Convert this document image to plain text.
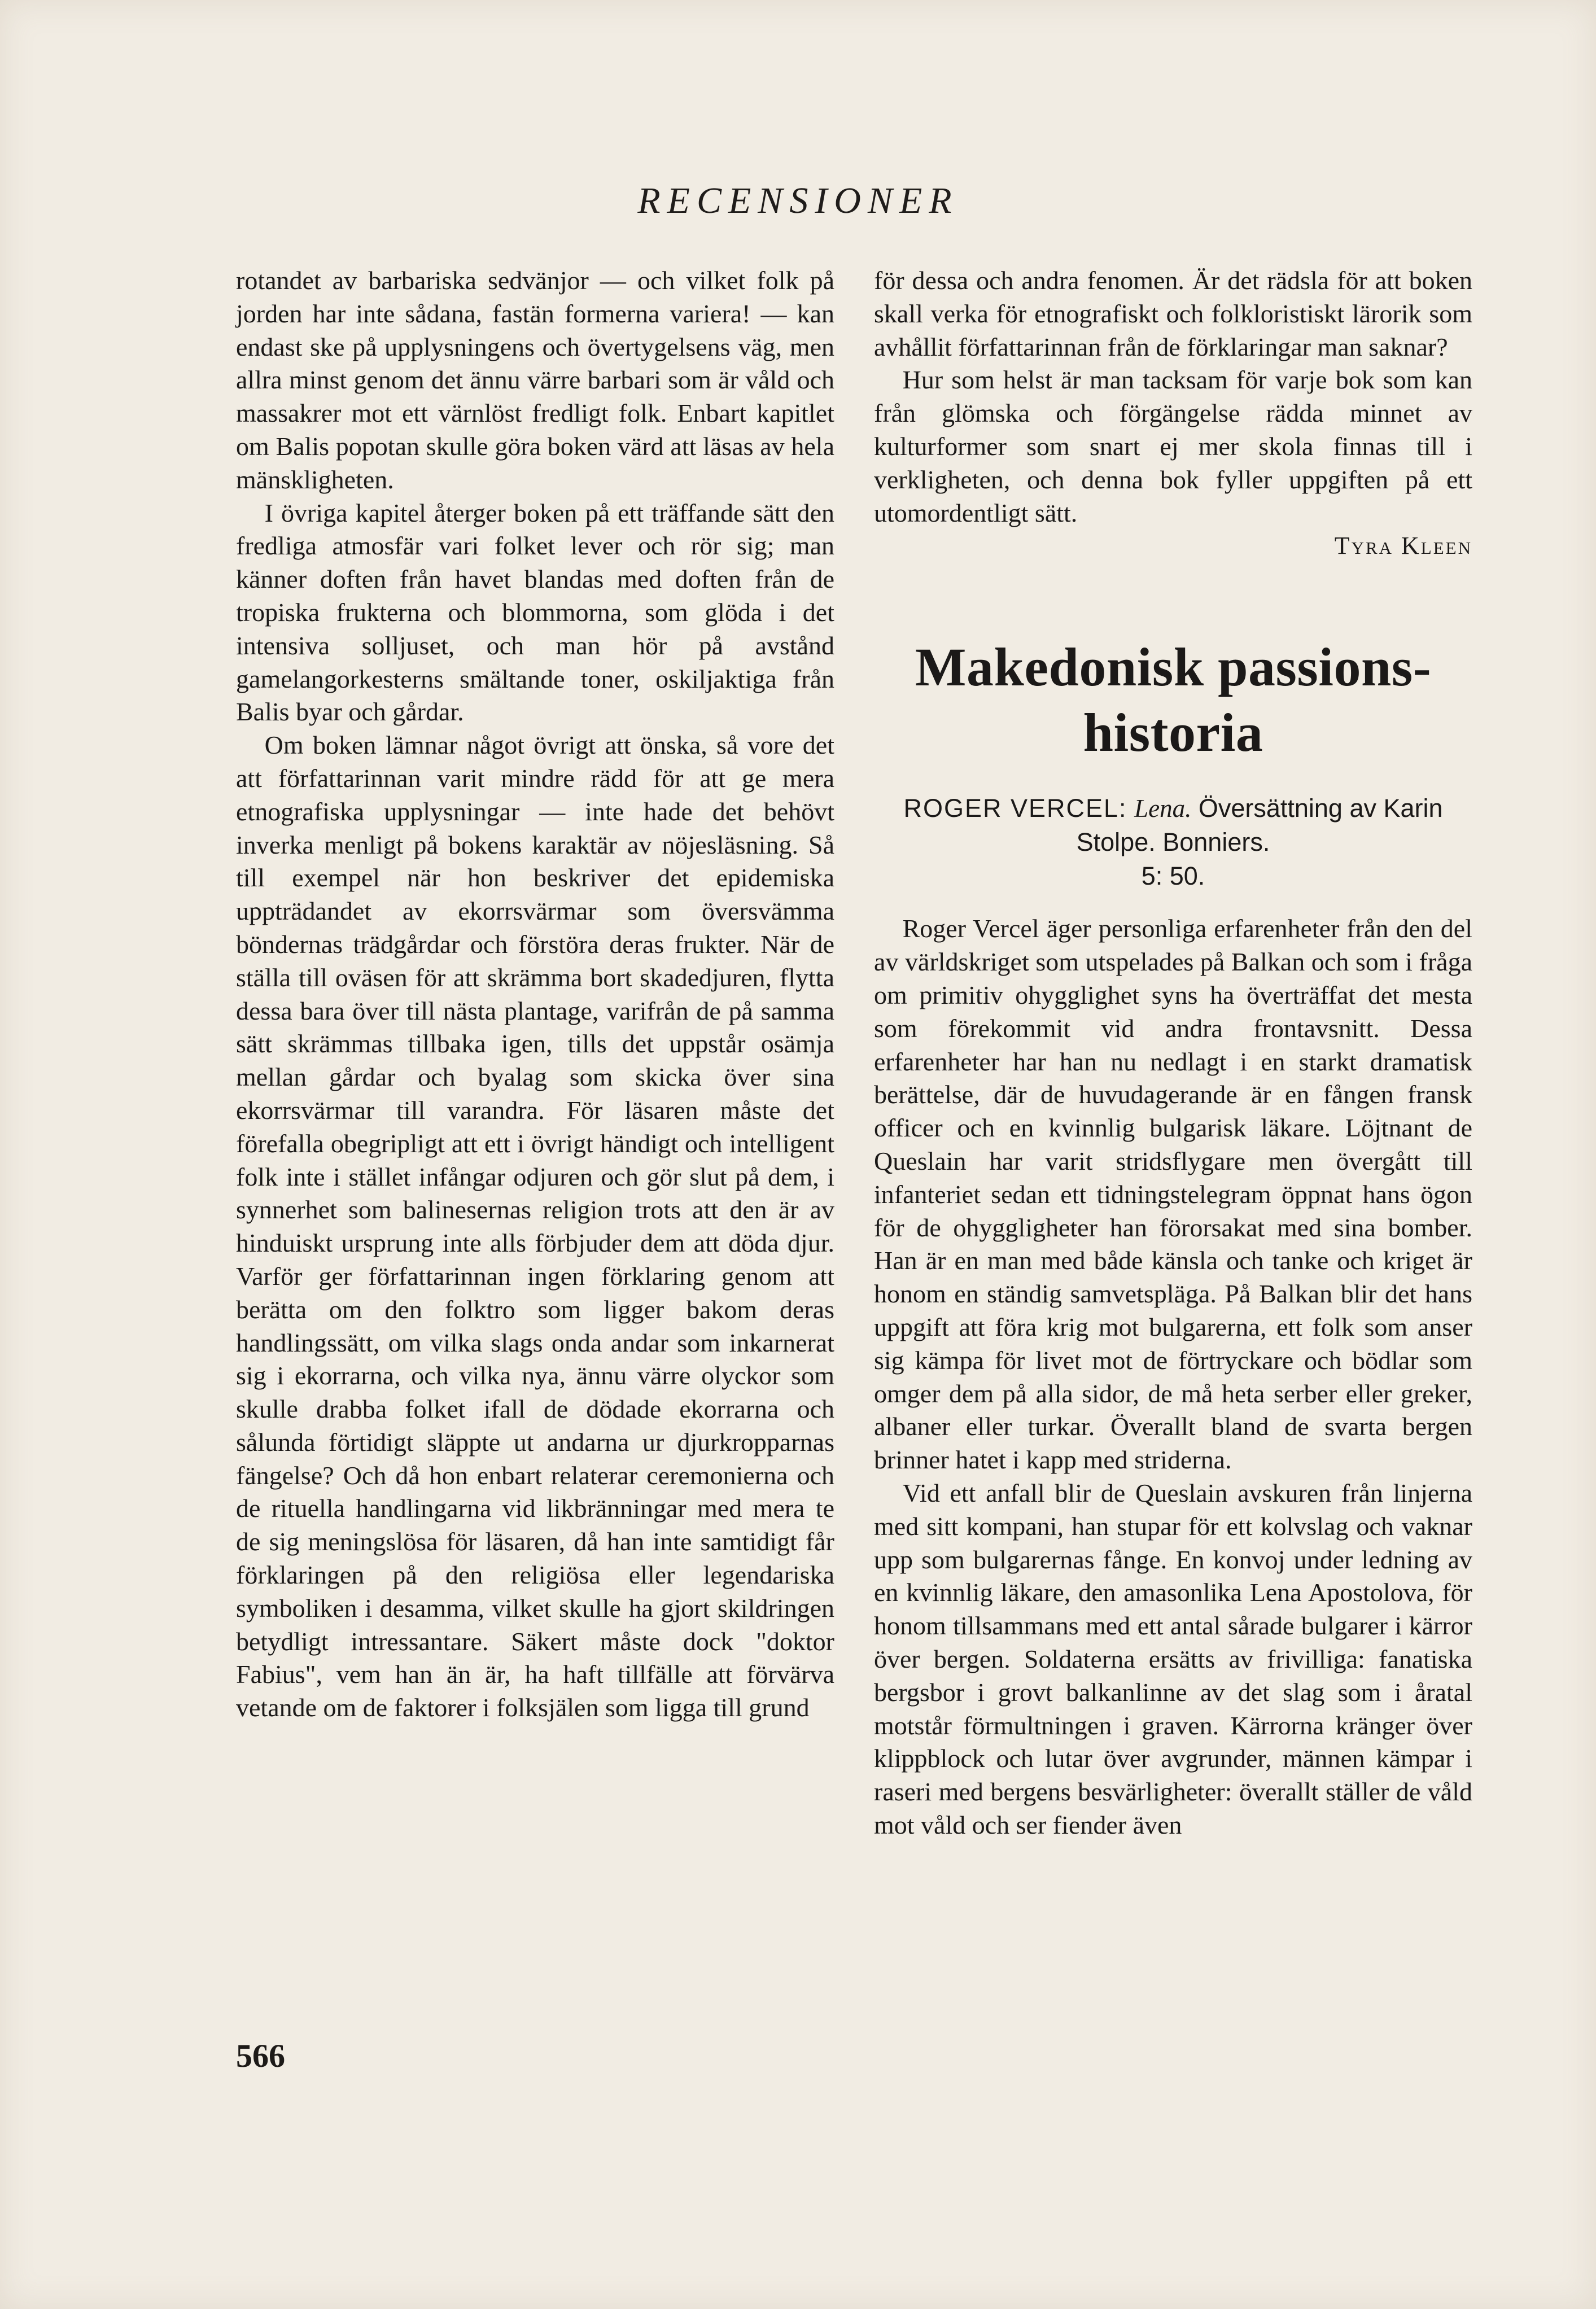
RECENSIONER

rotandet av barbariska sedvänjor — och vilket folk på jorden har inte sådana, fastän formerna variera! — kan endast ske på upplysningens och övertygelsens väg, men allra minst genom det ännu värre barbari som är våld och massakrer mot ett värnlöst fredligt folk. Enbart kapitlet om Balis popotan skulle göra boken värd att läsas av hela mänskligheten.

I övriga kapitel återger boken på ett träffande sätt den fredliga atmosfär vari folket lever och rör sig; man känner doften från havet blandas med doften från de tropiska frukterna och blommorna, som glöda i det intensiva solljuset, och man hör på avstånd gamelangorkesterns smältande toner, oskiljaktiga från Balis byar och gårdar.

Om boken lämnar något övrigt att önska, så vore det att författarinnan varit mindre rädd för att ge mera etnografiska upplysningar — inte hade det behövt inverka menligt på bokens karaktär av nöjesläsning. Så till exempel när hon beskriver det epidemiska uppträdandet av ekorrsvärmar som översvämma böndernas trädgårdar och förstöra deras frukter. När de ställa till oväsen för att skrämma bort skadedjuren, flytta dessa bara över till nästa plantage, varifrån de på samma sätt skrämmas tillbaka igen, tills det uppstår osämja mellan gårdar och byalag som skicka över sina ekorrsvärmar till varandra. För läsaren måste det förefalla obegripligt att ett i övrigt händigt och intelligent folk inte i stället infångar odjuren och gör slut på dem, i synnerhet som balinesernas religion trots att den är av hinduiskt ursprung inte alls förbjuder dem att döda djur. Varför ger författarinnan ingen förklaring genom att berätta om den folktro som ligger bakom deras handlingssätt, om vilka slags onda andar som inkarnerat sig i ekorrarna, och vilka nya, ännu värre olyckor som skulle drabba folket ifall de dödade ekorrarna och sålunda förtidigt släppte ut andarna ur djurkropparnas fängelse? Och då hon enbart relaterar ceremonierna och de rituella handlingarna vid likbränningar med mera te de sig meningslösa för läsaren, då han inte samtidigt får förklaringen på den religiösa eller legendariska symboliken i desamma, vilket skulle ha gjort skildringen betydligt intressantare. Säkert måste dock "doktor Fabius", vem han än är, ha haft tillfälle att förvärva vetande om de faktorer i folksjälen som ligga till grund

för dessa och andra fenomen. Är det rädsla för att boken skall verka för etnografiskt och folkloristiskt lärorik som avhållit författarinnan från de förklaringar man saknar?

Hur som helst är man tacksam för varje bok som kan från glömska och förgängelse rädda minnet av kulturformer som snart ej mer skola finnas till i verkligheten, och denna bok fyller uppgiften på ett utomordentligt sätt.

Tyra Kleen
Makedonisk passions-
historia
ROGER VERCEL: Lena. Översättning av Karin Stolpe. Bonniers.
5: 50.

Roger Vercel äger personliga erfarenheter från den del av världskriget som utspelades på Balkan och som i fråga om primitiv ohygglighet syns ha överträffat det mesta som förekommit vid andra frontavsnitt. Dessa erfarenheter har han nu nedlagt i en starkt dramatisk berättelse, där de huvudagerande är en fången fransk officer och en kvinnlig bulgarisk läkare. Löjtnant de Queslain har varit stridsflygare men övergått till infanteriet sedan ett tidningstelegram öppnat hans ögon för de ohyggligheter han förorsakat med sina bomber. Han är en man med både känsla och tanke och kriget är honom en ständig samvetspläga. På Balkan blir det hans uppgift att föra krig mot bulgarerna, ett folk som anser sig kämpa för livet mot de förtryckare och bödlar som omger dem på alla sidor, de må heta serber eller greker, albaner eller turkar. Överallt bland de svarta bergen brinner hatet i kapp med striderna.

Vid ett anfall blir de Queslain avskuren från linjerna med sitt kompani, han stupar för ett kolvslag och vaknar upp som bulgarernas fånge. En konvoj under ledning av en kvinnlig läkare, den amasonlika Lena Apostolova, för honom tillsammans med ett antal sårade bulgarer i kärror över bergen. Soldaterna ersätts av frivilliga: fanatiska bergsbor i grovt balkanlinne av det slag som i åratal motstår förmultningen i graven. Kärrorna kränger över klippblock och lutar över avgrunder, männen kämpar i raseri med bergens besvärligheter: överallt ställer de våld mot våld och ser fiender även

566
